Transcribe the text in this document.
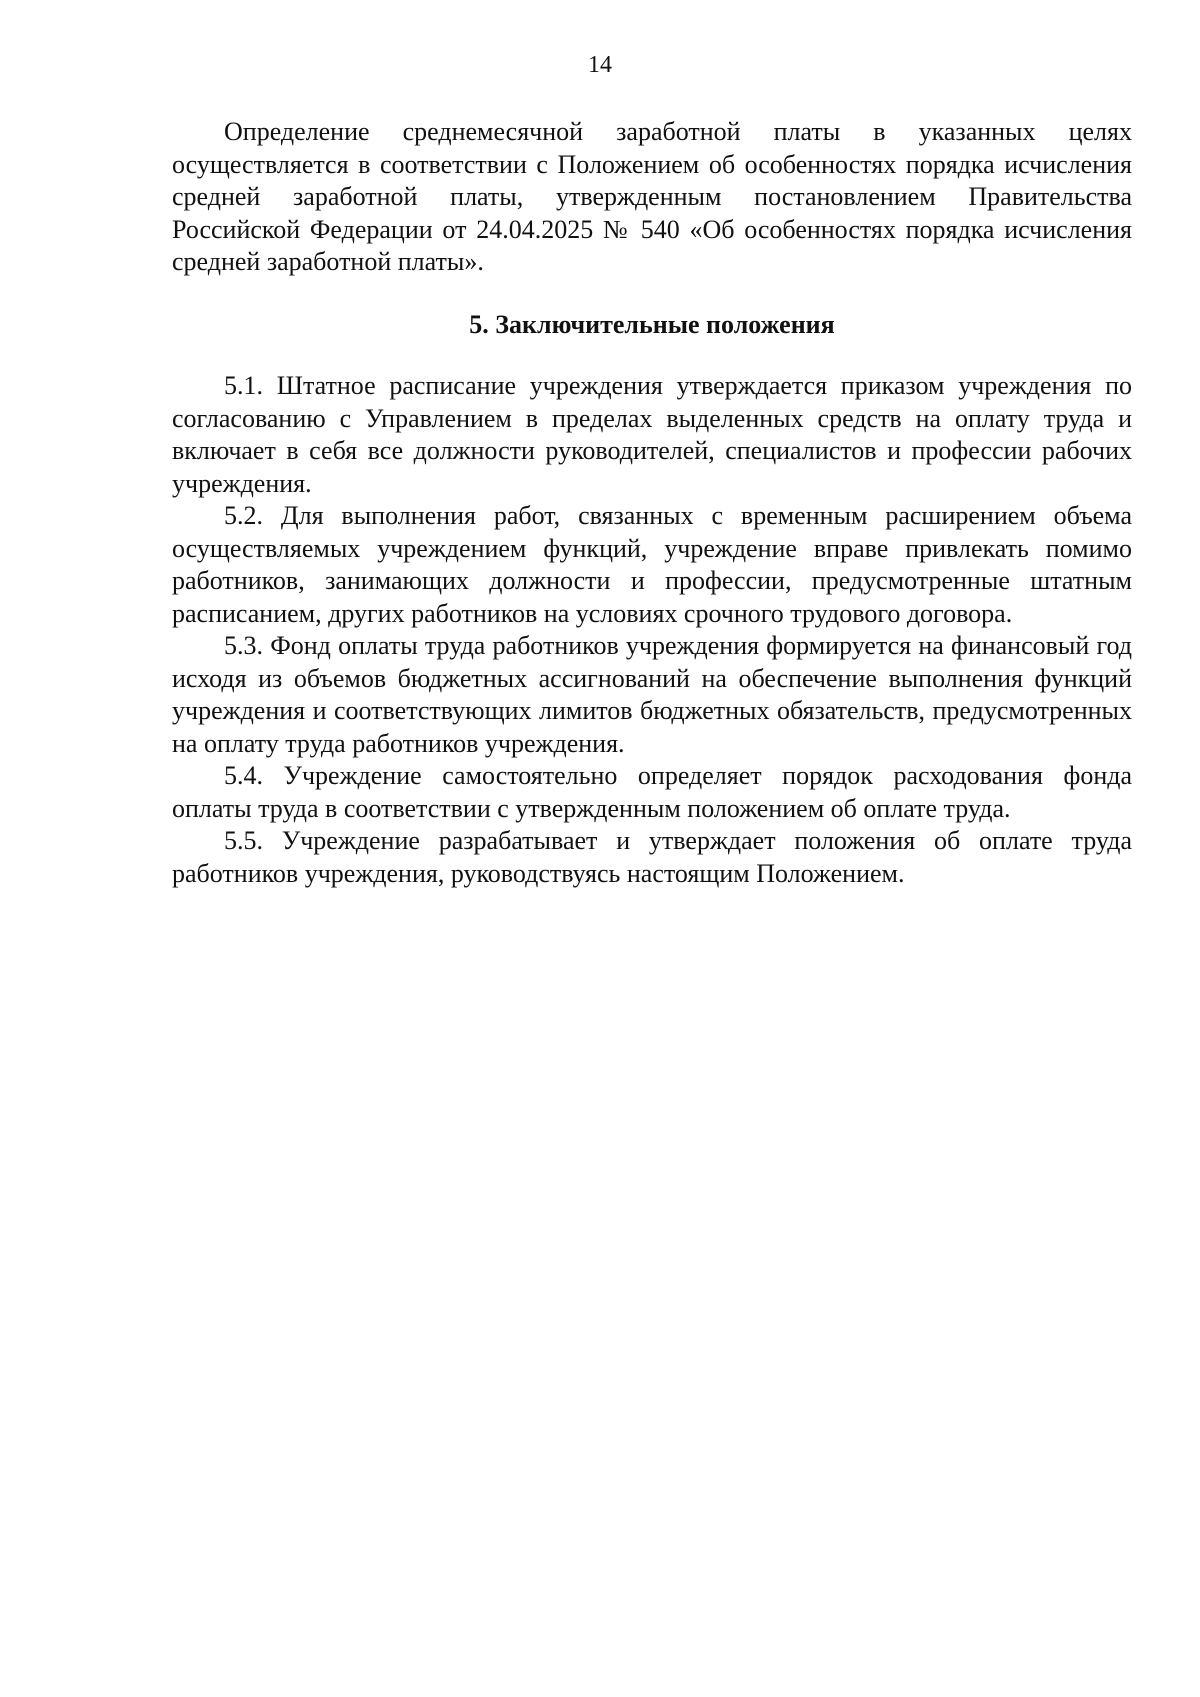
14

Определение среднемесячной заработной платы в указанных целях осуществляется в соответствии с Положением об особенностях порядка исчисления средней заработной платы, утвержденным постановлением Правительства Российской Федерации от 24.04.2025 № 540 «Об особенностях порядка исчисления средней заработной платы».

5. Заключительные положения

5.1. Штатное расписание учреждения утверждается приказом учреждения по согласованию с Управлением в пределах выделенных средств на оплату труда и включает в себя все должности руководителей, специалистов и профессии рабочих учреждения.

5.2. Для выполнения работ, связанных с временным расширением объема осуществляемых учреждением функций, учреждение вправе привлекать помимо работников, занимающих должности и профессии, предусмотренные штатным расписанием, других работников на условиях срочного трудового договора.

5.3. Фонд оплаты труда работников учреждения формируется на финансовый год исходя из объемов бюджетных ассигнований на обеспечение выполнения функций учреждения и соответствующих лимитов бюджетных обязательств, предусмотренных на оплату труда работников учреждения.

5.4. Учреждение самостоятельно определяет порядок расходования фонда оплаты труда в соответствии с утвержденным положением об оплате труда.

5.5. Учреждение разрабатывает и утверждает положения об оплате труда работников учреждения, руководствуясь настоящим Положением.
